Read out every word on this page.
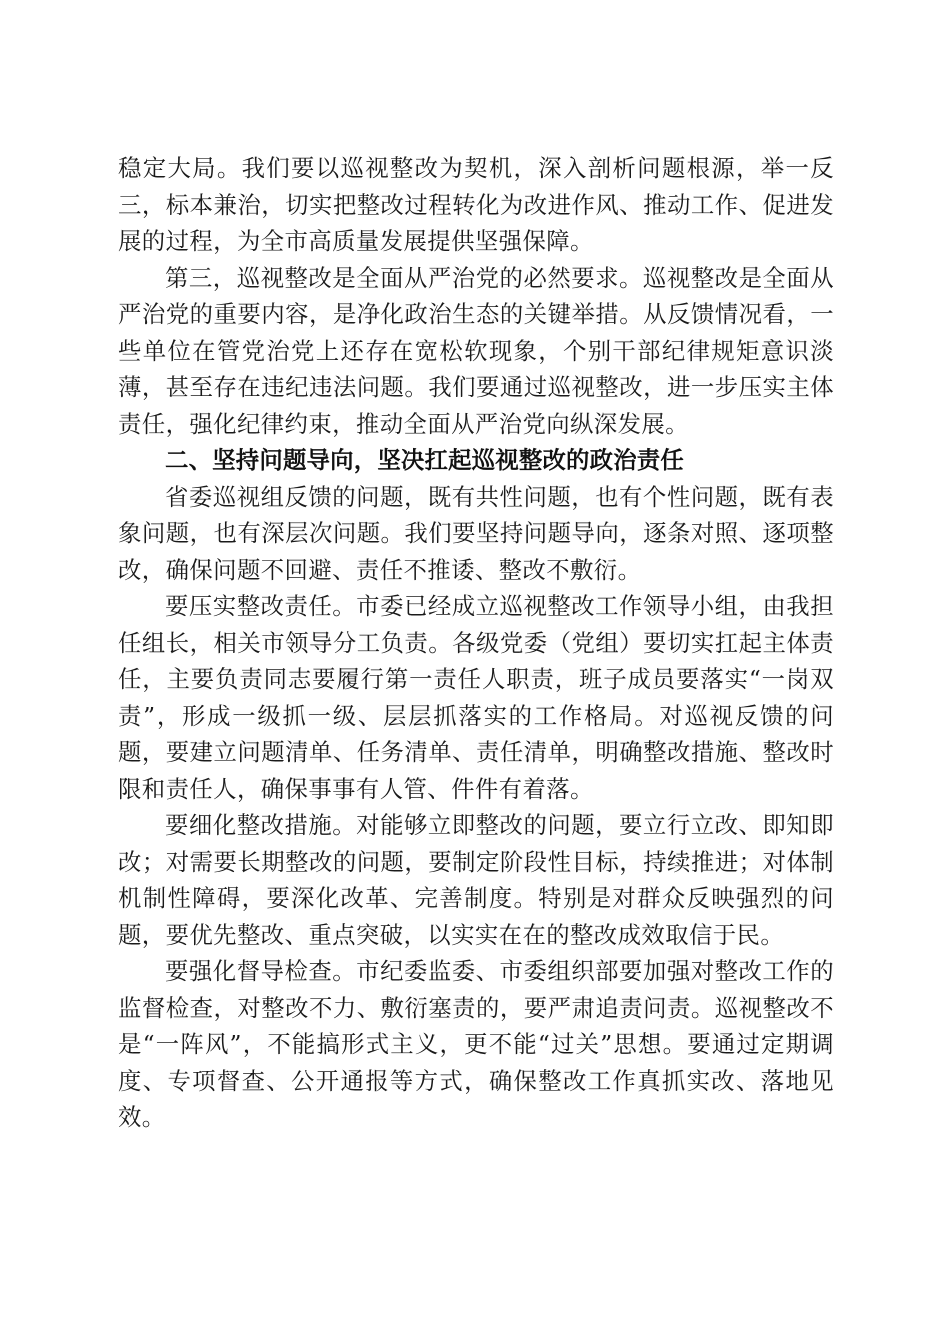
稳定大局。我们要以巡视整改为契机，深入剖析问题根源，举一反三，标本兼治，切实把整改过程转化为改进作风、推动工作、促进发展的过程，为全市高质量发展提供坚强保障。

第三，巡视整改是全面从严治党的必然要求。巡视整改是全面从严治党的重要内容，是净化政治生态的关键举措。从反馈情况看，一些单位在管党治党上还存在宽松软现象，个别干部纪律规矩意识淡薄，甚至存在违纪违法问题。我们要通过巡视整改，进一步压实主体责任，强化纪律约束，推动全面从严治党向纵深发展。

二、坚持问题导向，坚决扛起巡视整改的政治责任

省委巡视组反馈的问题，既有共性问题，也有个性问题，既有表象问题，也有深层次问题。我们要坚持问题导向，逐条对照、逐项整改，确保问题不回避、责任不推诿、整改不敷衍。

要压实整改责任。市委已经成立巡视整改工作领导小组，由我担任组长，相关市领导分工负责。各级党委（党组）要切实扛起主体责任，主要负责同志要履行第一责任人职责，班子成员要落实“一岗双责”，形成一级抓一级、层层抓落实的工作格局。对巡视反馈的问题，要建立问题清单、任务清单、责任清单，明确整改措施、整改时限和责任人，确保事事有人管、件件有着落。

要细化整改措施。对能够立即整改的问题，要立行立改、即知即改；对需要长期整改的问题，要制定阶段性目标，持续推进；对体制机制性障碍，要深化改革、完善制度。特别是对群众反映强烈的问题，要优先整改、重点突破，以实实在在的整改成效取信于民。

要强化督导检查。市纪委监委、市委组织部要加强对整改工作的监督检查，对整改不力、敷衍塞责的，要严肃追责问责。巡视整改不是“一阵风”，不能搞形式主义，更不能“过关”思想。要通过定期调度、专项督查、公开通报等方式，确保整改工作真抓实改、落地见效。
